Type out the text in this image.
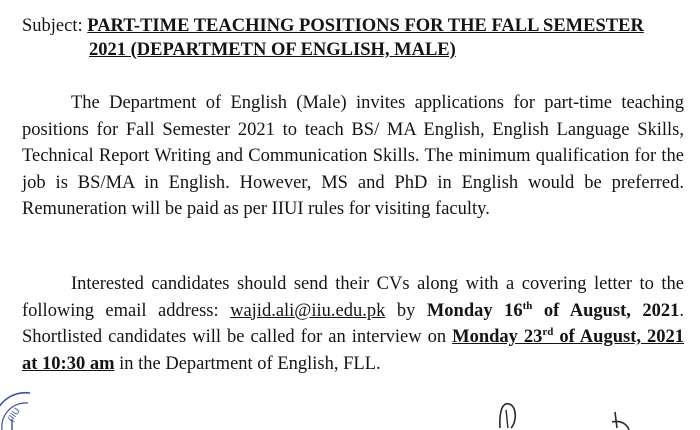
Subject: PART-TIME TEACHING POSITIONS FOR THE FALL SEMESTER
2021 (DEPARTMETN OF ENGLISH, MALE)
The Department of English (Male) invites applications for part-time teaching
positions for Fall Semester 2021 to teach BS/ MA English, English Language Skills,
Technical Report Writing and Communication Skills. The minimum qualification for the
job is BS/MA in English. However, MS and PhD in English would be preferred.
Remuneration will be paid as per IIUI rules for visiting faculty.
Interested candidates should send their CVs along with a covering letter to the
following email address: wajid.ali@iiu.edu.pk by Monday 16th of August, 2021.
Shortlisted candidates will be called for an interview on Monday 23rd of August, 2021
at 10:30 am in the Department of English, FLL.
(IIU
